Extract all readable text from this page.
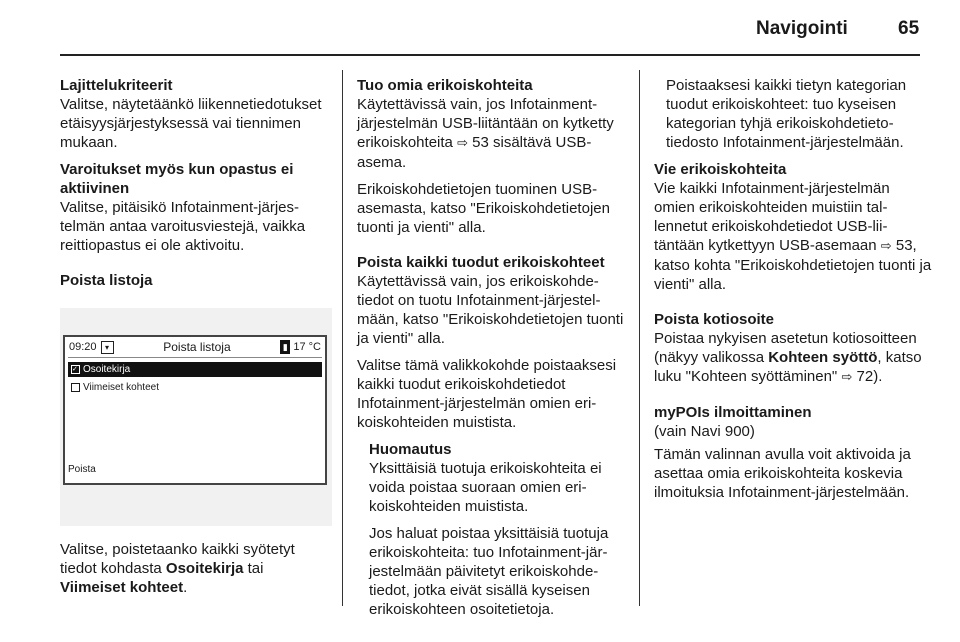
Navigointi	65

Lajittelukriteerit
Valitse, näytetäänkö liikennetiedotukset etäisyysjärjestyksessä vai tiennimen mukaan.

Varoitukset myös kun opastus ei aktiivinen
Valitse, pitäisikö Infotainment-järjestelmän antaa varoitusviestejä, vaikka reittiopastus ei ole aktivoitu.

Poista listoja

09:20	▾	Poista listoja	▮ 17 °C
✓ Osoitekirja
Viimeiset kohteet
Poista

Valitse, poistetaanko kaikki syötetyt tiedot kohdasta Osoitekirja tai Viimeiset kohteet.

Tuo omia erikoiskohteita
Käytettävissä vain, jos Infotainment-järjestelmän USB-liitäntään on kytketty erikoiskohteita ⇨ 53 sisältävä USB-asema.

Erikoiskohdetietojen tuominen USB-asemasta, katso "Erikoiskohdetietojen tuonti ja vienti" alla.

Poista kaikki tuodut erikoiskohteet
Käytettävissä vain, jos erikoiskohdetiedot on tuotu Infotainment-järjestelmään, katso "Erikoiskohdetietojen tuonti ja vienti" alla.

Valitse tämä valikkokohde poistaaksesi kaikki tuodut erikoiskohdetiedot Infotainment-järjestelmän omien erikoiskohteiden muistista.

Huomautus
Yksittäisiä tuotuja erikoiskohteita ei voida poistaa suoraan omien erikoiskohteiden muistista.

Jos haluat poistaa yksittäisiä tuotuja erikoiskohteita: tuo Infotainment-järjestelmään päivitetyt erikoiskohdetiedot, jotka eivät sisällä kyseisen erikoiskohteen osoitetietoja.

Poistaaksesi kaikki tietyn kategorian tuodut erikoiskohteet: tuo kyseisen kategorian tyhjä erikoiskohdetietotiedosto Infotainment-järjestelmään.

Vie erikoiskohteita
Vie kaikki Infotainment-järjestelmän omien erikoiskohteiden muistiin tallennetut erikoiskohdetiedot USB-liitäntään kytkettyyn USB-asemaan ⇨ 53, katso kohta "Erikoiskohdetietojen tuonti ja vienti" alla.

Poista kotiosoite
Poistaa nykyisen asetetun kotiosoitteen (näkyy valikossa Kohteen syöttö, katso luku "Kohteen syöttäminen" ⇨ 72).

myPOIs ilmoittaminen
(vain Navi 900)

Tämän valinnan avulla voit aktivoida ja asettaa omia erikoiskohteita koskevia ilmoituksia Infotainment-järjestelmään.
